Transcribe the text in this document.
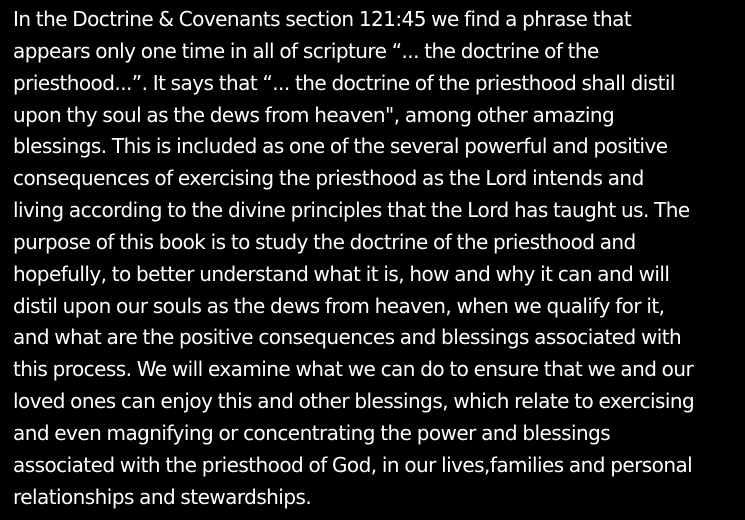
In the Doctrine & Covenants section 121:45 we find a phrase that
appears only one time in all of scripture “... the doctrine of the
priesthood...”. It says that “... the doctrine of the priesthood shall distil
upon thy soul as the dews from heaven", among other amazing
blessings. This is included as one of the several powerful and positive
consequences of exercising the priesthood as the Lord intends and
living according to the divine principles that the Lord has taught us. The
purpose of this book is to study the doctrine of the priesthood and
hopefully, to better understand what it is, how and why it can and will
distil upon our souls as the dews from heaven, when we qualify for it,
and what are the positive consequences and blessings associated with
this process. We will examine what we can do to ensure that we and our
loved ones can enjoy this and other blessings, which relate to exercising
and even magnifying or concentrating the power and blessings
associated with the priesthood of God, in our lives,families and personal
relationships and stewardships.
